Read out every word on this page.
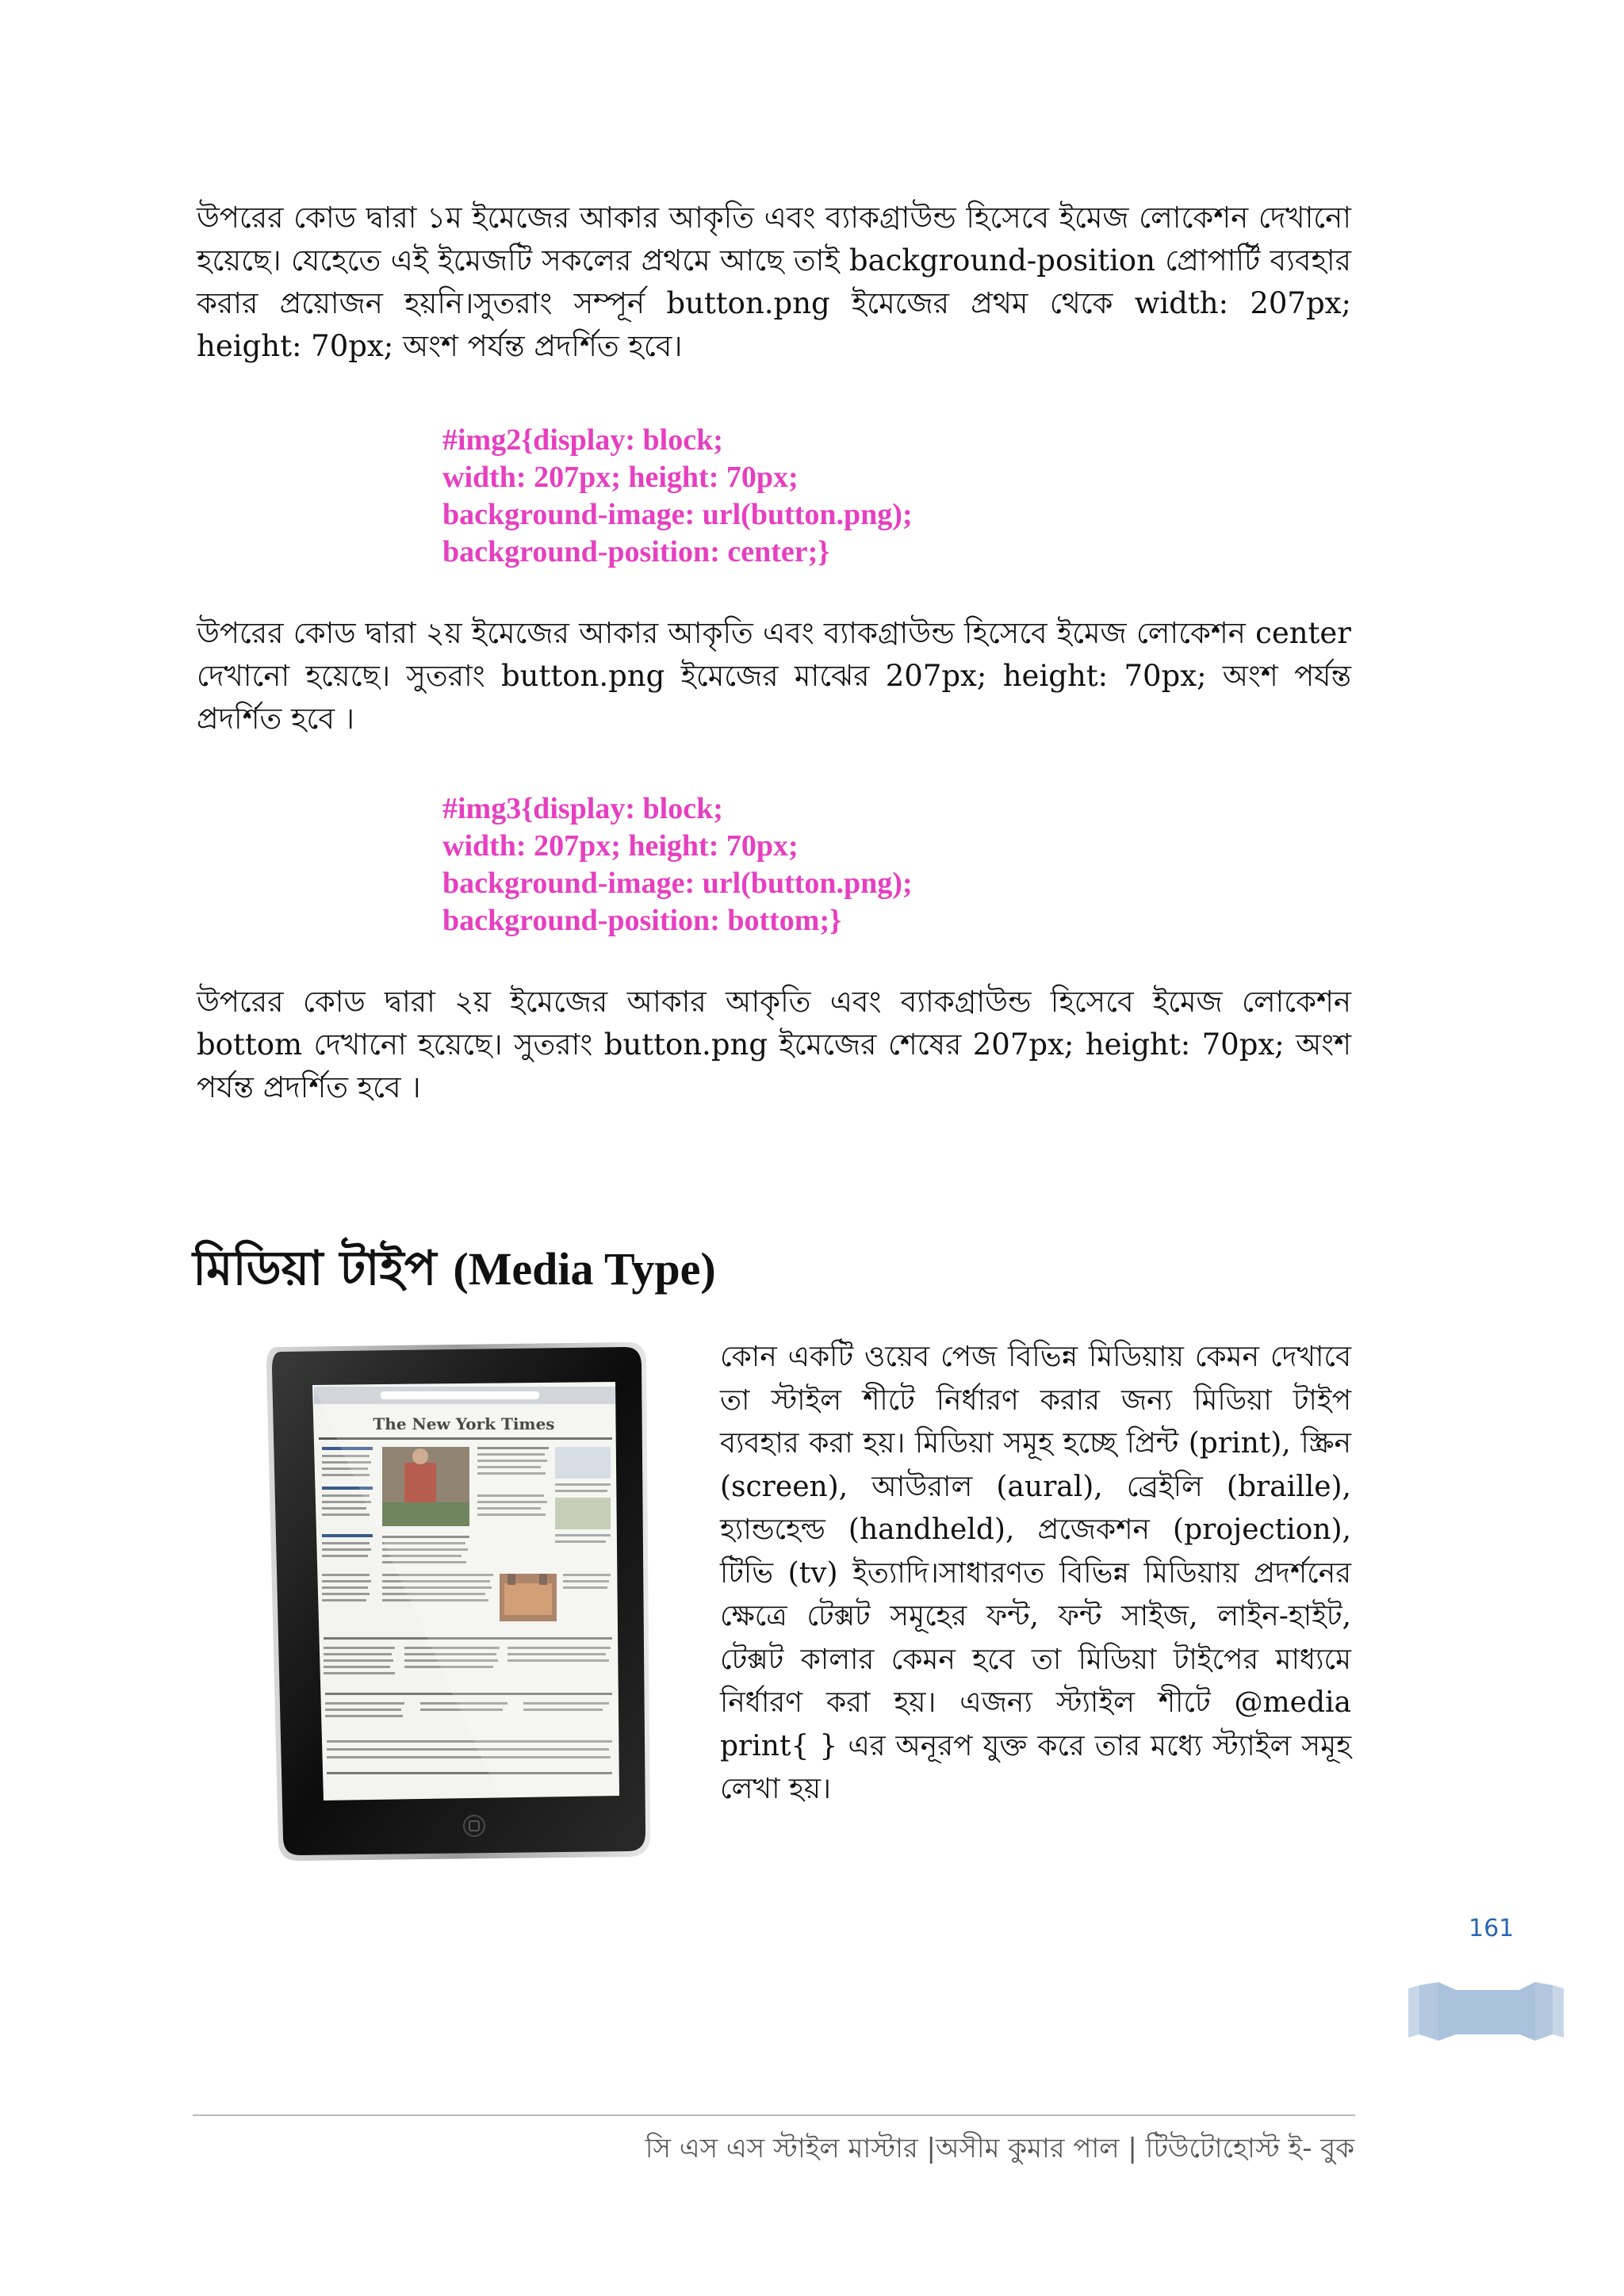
উপরের কোড দ্বারা ১ম ইমেজের আকার আকৃতি এবং ব্যাকগ্রাউন্ড হিসেবে ইমেজ লোকেশন দেখানো হয়েছে। যেহেতে এই ইমেজটি সকলের প্রথমে আছে তাই background-position প্রোপার্টি ব্যবহার করার প্রয়োজন হয়নি।সুতরাং সম্পূর্ন button.png ইমেজের প্রথম থেকে width: 207px; height: 70px; অংশ পর্যন্ত প্রদর্শিত হবে।

#img2{display: block;
width: 207px; height: 70px;
background-image: url(button.png);
background-position: center;}

উপরের কোড দ্বারা ২য় ইমেজের আকার আকৃতি এবং ব্যাকগ্রাউন্ড হিসেবে ইমেজ লোকেশন center দেখানো হয়েছে। সুতরাং button.png ইমেজের মাঝের 207px; height: 70px; অংশ পর্যন্ত প্রদর্শিত হবে ।

#img3{display: block;
width: 207px; height: 70px;
background-image: url(button.png);
background-position: bottom;}

উপরের কোড দ্বারা ২য় ইমেজের আকার আকৃতি এবং ব্যাকগ্রাউন্ড হিসেবে ইমেজ লোকেশন bottom দেখানো হয়েছে। সুতরাং button.png ইমেজের শেষের 207px; height: 70px; অংশ পর্যন্ত প্রদর্শিত হবে ।

মিডিয়া টাইপ (Media Type)
The New York Times

কোন একটি ওয়েব পেজ বিভিন্ন মিডিয়ায় কেমন দেখাবে তা স্টাইল শীটে নির্ধারণ করার জন্য মিডিয়া টাইপ ব্যবহার করা হয়। মিডিয়া সমূহ হচ্ছে প্রিন্ট (print), স্ক্রিন (screen), আউরাল (aural), ব্রেইলি (braille), হ্যান্ডহেল্ড (handheld), প্রজেকশন (projection), টিভি (tv) ইত্যাদি।সাধারণত বিভিন্ন মিডিয়ায় প্রদর্শনের ক্ষেত্রে টেক্সট সমূহের ফন্ট, ফন্ট সাইজ, লাইন-হাইট, টেক্সট কালার কেমন হবে তা মিডিয়া টাইপের মাধ্যমে নির্ধারণ করা হয়। এজন্য স্ট্যাইল শীটে @media print{ } এর অনূরপ যুক্ত করে তার মধ্যে স্ট্যাইল সমূহ লেখা হয়।

161
সি এস এস স্টাইল মাস্টার |অসীম কুমার পাল | টিউটোহোস্ট ই- বুক
